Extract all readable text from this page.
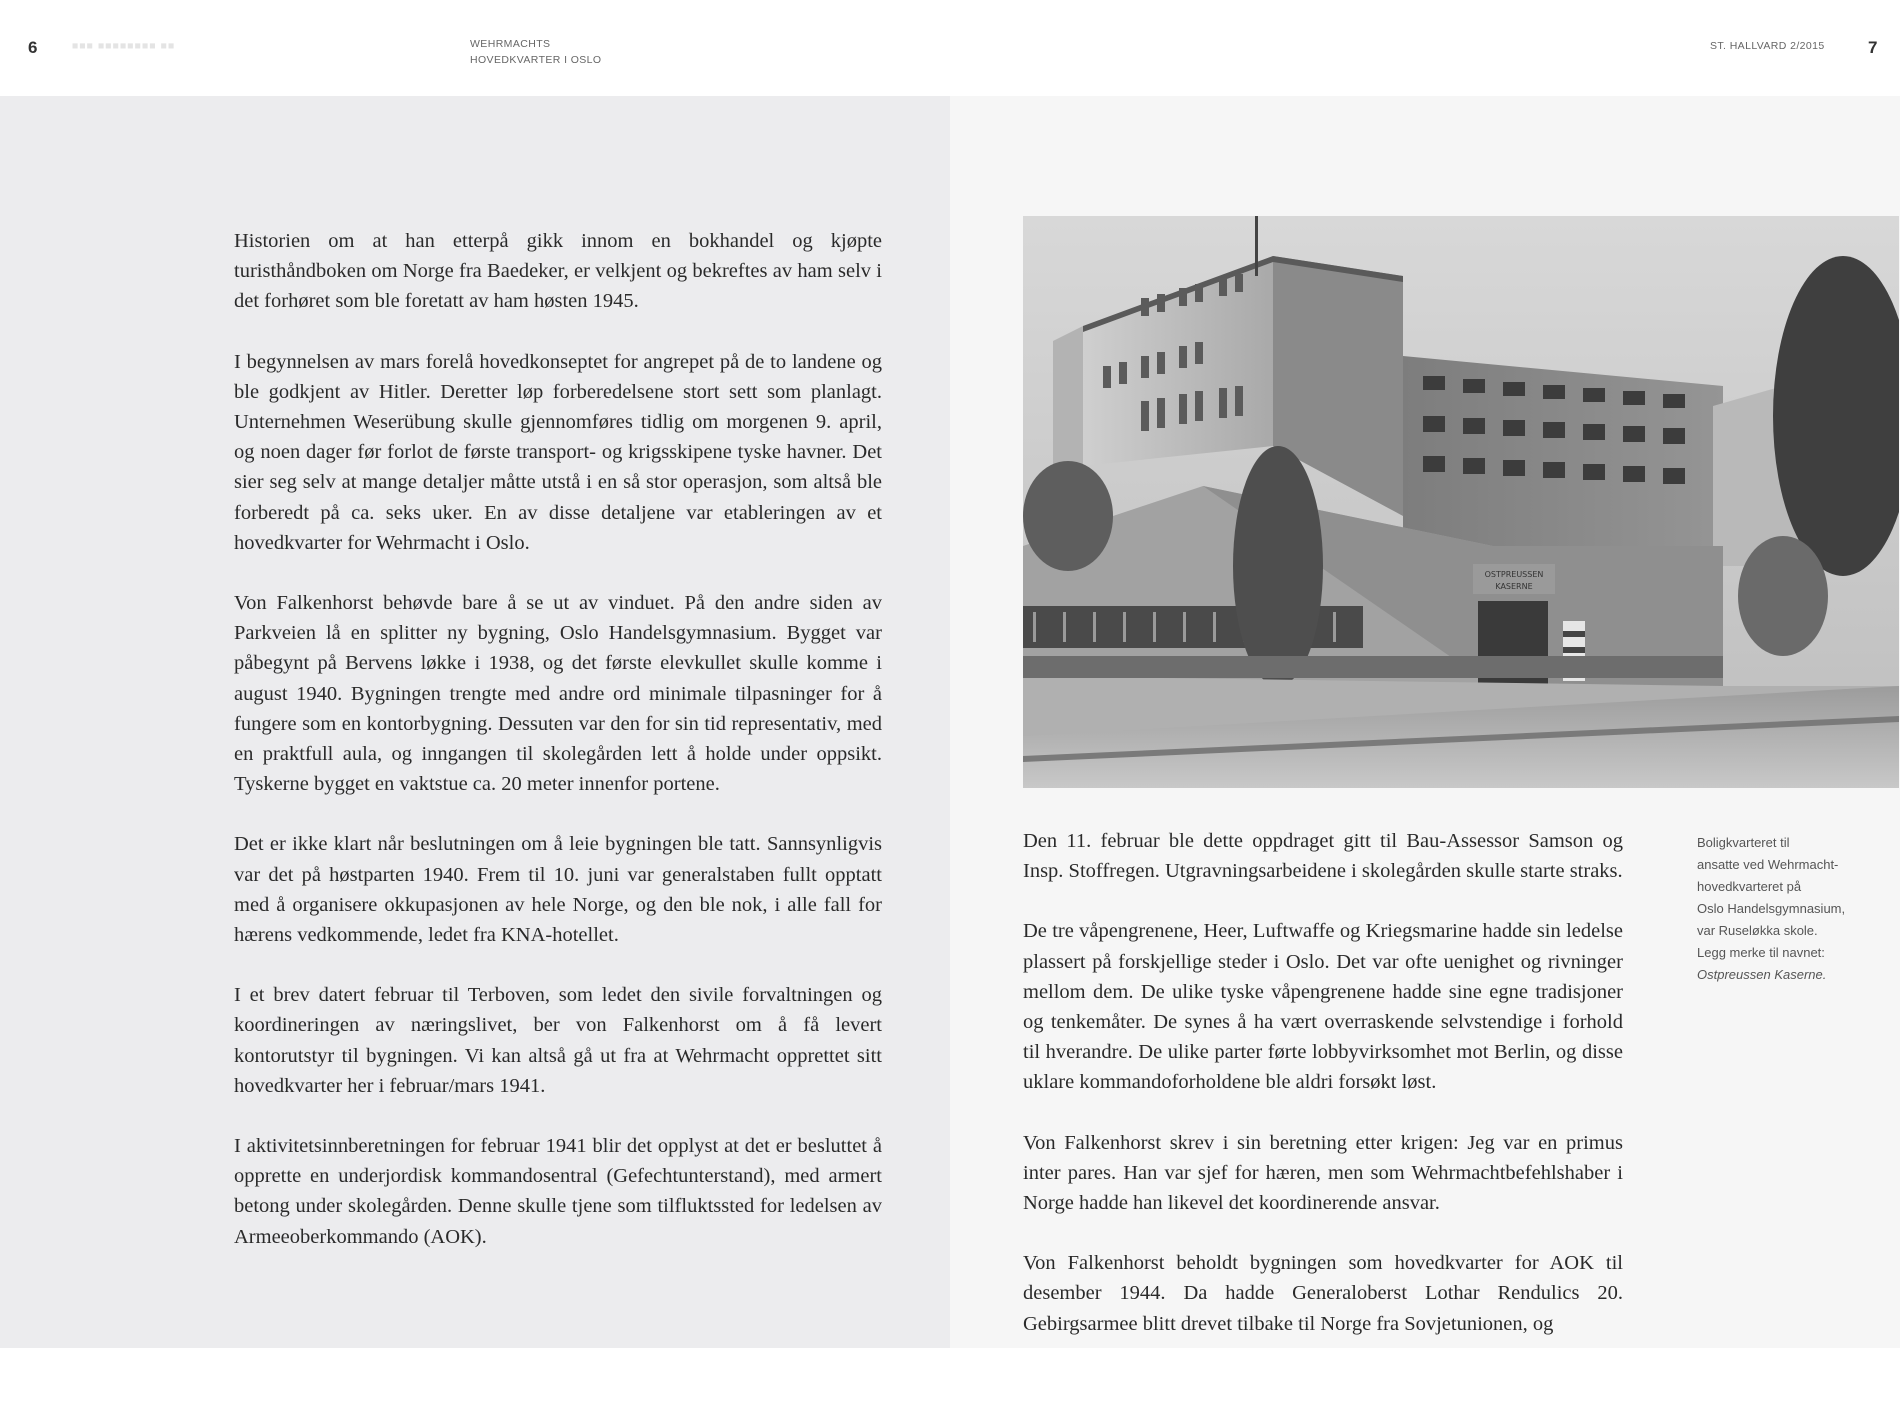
6	■■■ ■■■■■■■■ ■■	WEHRMACHTS
HOVEDKVARTER I OSLO

Historien om at han etterpå gikk innom en bokhandel og kjøpte turisthåndboken om Norge fra Baedeker, er velkjent og bekreftes av ham selv i det forhøret som ble foretatt av ham høsten 1945.

I begynnelsen av mars forelå hovedkonseptet for angrepet på de to landene og ble godkjent av Hitler. Deretter løp forberedelsene stort sett som planlagt. Unternehmen Weserübung skulle gjennomføres tidlig om morgenen 9. april, og noen dager før forlot de første transport- og krigsskipene tyske havner. Det sier seg selv at mange detaljer måtte utstå i en så stor operasjon, som altså ble forberedt på ca. seks uker. En av disse detaljene var etableringen av et hovedkvarter for Wehrmacht i Oslo.

Von Falkenhorst behøvde bare å se ut av vinduet. På den andre siden av Parkveien lå en splitter ny bygning, Oslo Handelsgymnasium. Bygget var påbegynt på Bervens løkke i 1938, og det første elevkullet skulle komme i august 1940. Bygningen trengte med andre ord minimale tilpasninger for å fungere som en kontorbygning. Dessuten var den for sin tid representativ, med en praktfull aula, og inngangen til skolegården lett å holde under oppsikt. Tyskerne bygget en vaktstue ca. 20 meter innenfor portene.

Det er ikke klart når beslutningen om å leie bygningen ble tatt. Sannsynligvis var det på høstparten 1940. Frem til 10. juni var generalstaben fullt opptatt med å organisere okkupasjonen av hele Norge, og den ble nok, i alle fall for hærens vedkommende, ledet fra KNA-hotellet.

I et brev datert februar til Terboven, som ledet den sivile forvaltningen og koordineringen av næringslivet, ber von Falkenhorst om å få levert kontorutstyr til bygningen. Vi kan altså gå ut fra at Wehrmacht opprettet sitt hovedkvarter her i februar/mars 1941.

I aktivitetsinnberetningen for februar 1941 blir det opplyst at det er besluttet å opprette en underjordisk kommandosentral (Gefechtunterstand), med armert betong under skolegården. Denne skulle tjene som tilfluktssted for ledelsen av Armeeoberkommando (AOK).

ST. HALLVARD 2/2015	7
OSTPREUSSEN
KASERNE
Boligkvarteret til
ansatte ved Wehrmacht-
hovedkvarteret på
Oslo Handelsgymnasium,
var Ruseløkka skole.
Legg merke til navnet:
Ostpreussen Kaserne.

Den 11. februar ble dette oppdraget gitt til Bau-Assessor Samson og Insp. Stoffregen. Utgravningsarbeidene i skolegården skulle starte straks.

De tre våpengrenene, Heer, Luftwaffe og Kriegsmarine hadde sin ledelse plassert på forskjellige steder i Oslo. Det var ofte uenighet og rivninger mellom dem. De ulike tyske våpengrenene hadde sine egne tradisjoner og tenkemåter. De synes å ha vært overraskende selvstendige i forhold til hverandre. De ulike parter førte lobbyvirksomhet mot Berlin, og disse uklare kommandoforholdene ble aldri forsøkt løst.

Von Falkenhorst skrev i sin beretning etter krigen: Jeg var en primus inter pares. Han var sjef for hæren, men som Wehrmachtbefehlshaber i Norge hadde han likevel det koordinerende ansvar.

Von Falkenhorst beholdt bygningen som hovedkvarter for AOK til desember 1944. Da hadde Generaloberst Lothar Rendulics 20. Gebirgsarmee blitt drevet tilbake til Norge fra Sovjetunionen, og
